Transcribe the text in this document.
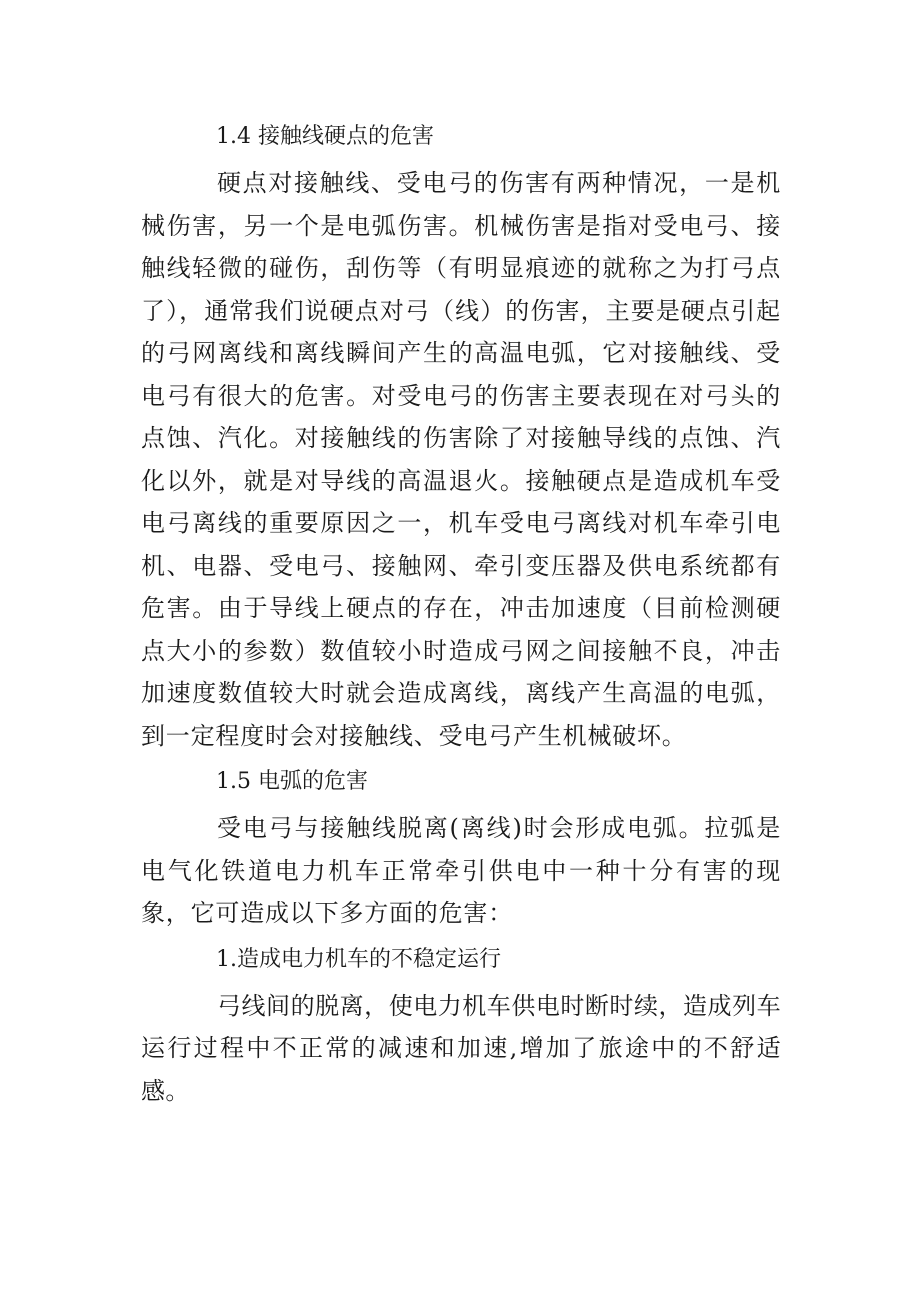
1.4 接触线硬点的危害

硬点对接触线、受电弓的伤害有两种情况，一是机械伤害，另一个是电弧伤害。机械伤害是指对受电弓、接触线轻微的碰伤，刮伤等（有明显痕迹的就称之为打弓点了），通常我们说硬点对弓（线）的伤害，主要是硬点引起的弓网离线和离线瞬间产生的高温电弧，它对接触线、受电弓有很大的危害。对受电弓的伤害主要表现在对弓头的点蚀、汽化。对接触线的伤害除了对接触导线的点蚀、汽化以外，就是对导线的高温退火。接触硬点是造成机车受电弓离线的重要原因之一，机车受电弓离线对机车牵引电机、电器、受电弓、接触网、牵引变压器及供电系统都有危害。由于导线上硬点的存在，冲击加速度（目前检测硬点大小的参数）数值较小时造成弓网之间接触不良，冲击加速度数值较大时就会造成离线，离线产生高温的电弧，到一定程度时会对接触线、受电弓产生机械破坏。

1.5 电弧的危害

受电弓与接触线脱离(离线)时会形成电弧。拉弧是电气化铁道电力机车正常牵引供电中一种十分有害的现象，它可造成以下多方面的危害：

1.造成电力机车的不稳定运行

弓线间的脱离，使电力机车供电时断时续，造成列车运行过程中不正常的减速和加速,增加了旅途中的不舒适感。
